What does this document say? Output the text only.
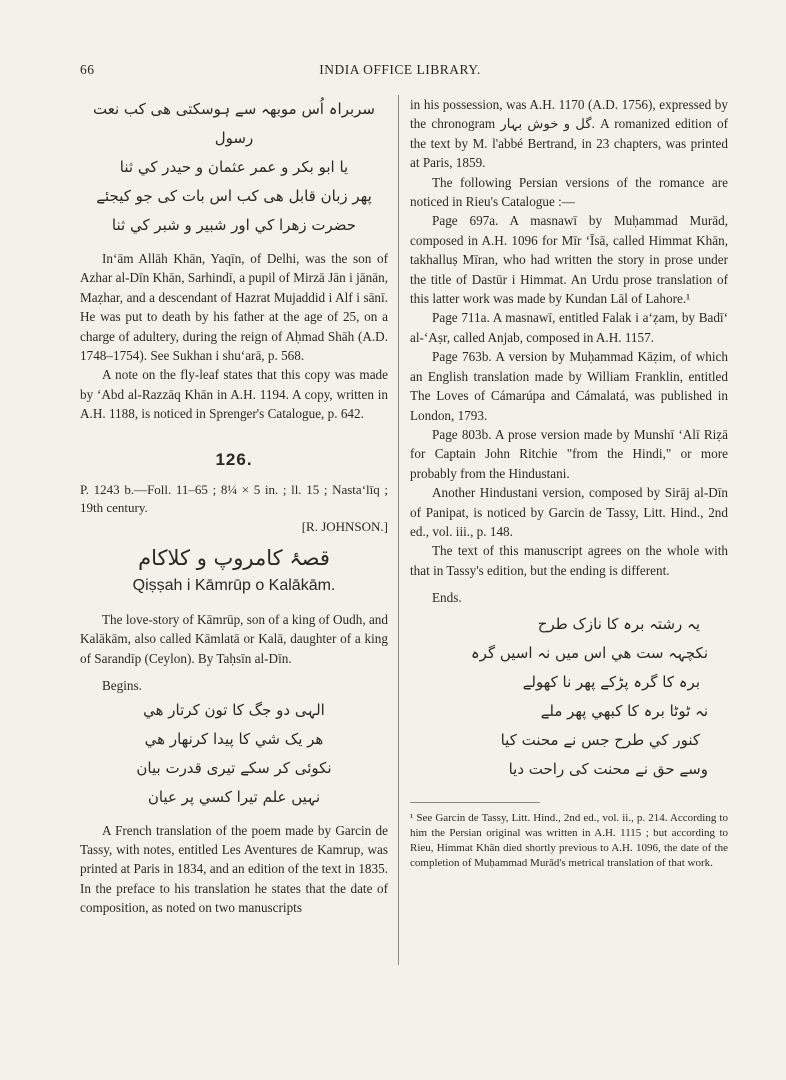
66	INDIA OFFICE LIBRARY.
سربراہ اُس موبھہ سے ہوسکتی ھی کب نعت رسول
یا ابو بکر و عمر عثمان و حیدر کي ثنا
پھر زبان قابل ھی کب اس بات کی جو کیجئے
حضرت زھرا کي اور شبیر و شبر کي ثنا

In‘ām Allāh Khān, Yaqīn, of Delhi, was the son of Azhar al-Dīn Khān, Sarhindī, a pupil of Mirzā Jān i jānān, Maẓhar, and a descendant of Hazrat Mujaddid i Alf i sānī. He was put to death by his father at the age of 25, on a charge of adultery, during the reign of Aḥmad Shāh (A.D. 1748–1754). See Sukhan i shu‘arā, p. 568.

A note on the fly-leaf states that this copy was made by ‘Abd al-Razzāq Khān in A.H. 1194. A copy, written in A.H. 1188, is noticed in Sprenger's Catalogue, p. 642.

126.

P. 1243 b.—Foll. 11–65 ; 8¼ × 5 in. ; ll. 15 ; Nasta‘līq ; 19th century.

[R. JOHNSON.]

قصۂ کامروپ و کلاکام
Qiṣṣah i Kāmrūp o Kalākām.

The love-story of Kāmrūp, son of a king of Oudh, and Kalākām, also called Kāmlatā or Kalā, daughter of a king of Sarandīp (Ceylon). By Taḥsīn al-Dīn.

Begins.

الہی دو جگ کا تون کرتار ھي
ھر یک شي کا پیدا کرنھار ھي
نکوئی کر سکے تیری قدرت بیان
نہیں علم تیرا کسي پر عیان

A French translation of the poem made by Garcin de Tassy, with notes, entitled Les Aventures de Kamrup, was printed at Paris in 1834, and an edition of the text in 1835. In the preface to his translation he states that the date of composition, as noted on two manuscripts

in his possession, was A.H. 1170 (A.D. 1756), expressed by the chronogram گل و خوش بہار. A romanized edition of the text by M. l'abbé Bertrand, in 23 chapters, was printed at Paris, 1859.

The following Persian versions of the romance are noticed in Rieu's Catalogue :—

Page 697a. A masnawī by Muḥammad Murād, composed in A.H. 1096 for Mīr ‘Īsā, called Himmat Khān, takhalluṣ Mīran, who had written the story in prose under the title of Dastūr i Himmat. An Urdu prose translation of this latter work was made by Kundan Lāl of Lahore.¹

Page 711a. A masnawī, entitled Falak i a‘ẓam, by Badī‘ al-‘Aṣr, called Anjab, composed in A.H. 1157.

Page 763b. A version by Muḥammad Kāẓim, of which an English translation made by William Franklin, entitled The Loves of Cámarúpa and Cámalatá, was published in London, 1793.

Page 803b. A prose version made by Munshī ‘Alī Riẓā for Captain John Ritchie "from the Hindi," or more probably from the Hindustani.

Another Hindustani version, composed by Sirāj al-Dīn of Panipat, is noticed by Garcin de Tassy, Litt. Hind., 2nd ed., vol. iii., p. 148.

The text of this manuscript agrees on the whole with that in Tassy's edition, but the ending is different.

Ends.

یہ رشتہ برہ کا نازک طرح
نکچہہ ست ھي اس میں نہ اسیں گرہ
برہ کا گرہ پڑکے پھر نا کھولے
نہ ٹوٹا برہ کا کبھي پھر ملے
کنور کي طرح جس نے محنت کیا
وسے حق نے محنت کی راحت دیا

¹ See Garcin de Tassy, Litt. Hind., 2nd ed., vol. ii., p. 214. According to him the Persian original was written in A.H. 1115 ; but according to Rieu, Himmat Khān died shortly previous to A.H. 1096, the date of the completion of Muḥammad Murād's metrical translation of that work.
